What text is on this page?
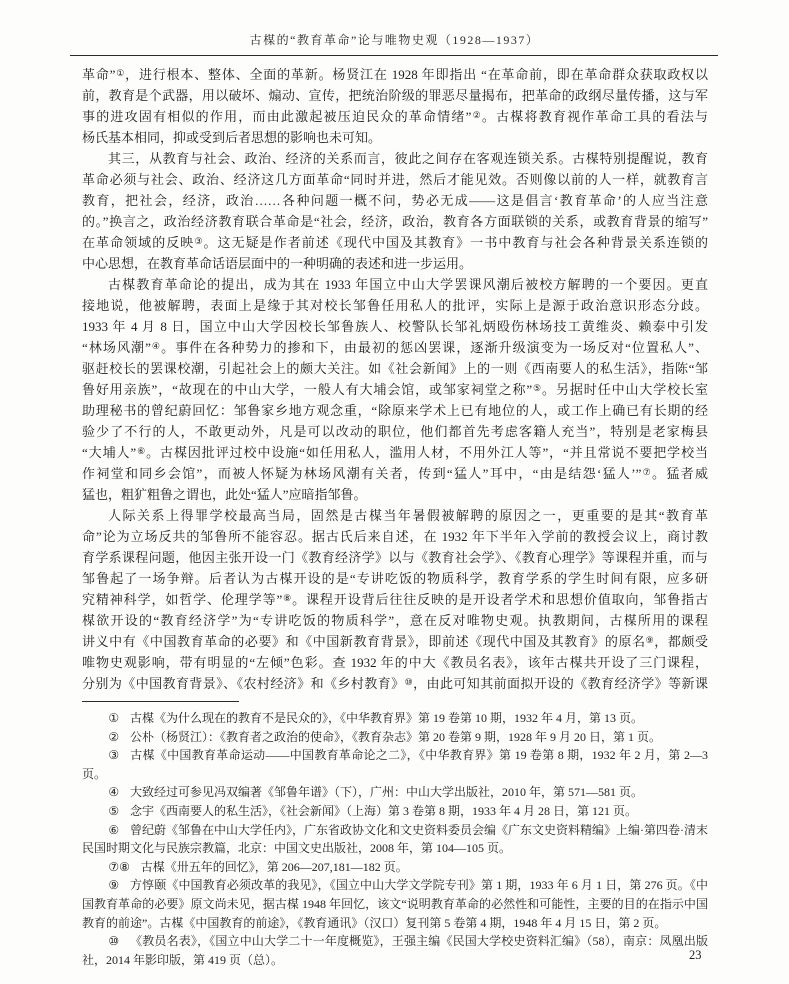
古楳的“教育革命”论与唯物史观（1928—1937）
革命”①，进行根本、整体、全面的革新。杨贤江在 1928 年即指出 “在革命前，即在革命群众获取政权以
前，教育是个武器，用以破坏、煽动、宣传，把统治阶级的罪恶尽量揭布，把革命的政纲尽量传播，这与军
事的进攻固有相似的作用，而由此激起被压迫民众的革命情绪”②。古楳将教育视作革命工具的看法与
杨氏基本相同，抑或受到后者思想的影响也未可知。
其三，从教育与社会、政治、经济的关系而言，彼此之间存在客观连锁关系。古楳特别提醒说，教育
革命必须与社会、政治、经济这几方面革命“同时并进，然后才能见效。否则像以前的人一样，就教育言
教育，把社会，经济，政治……各种问题一概不问，势必无成——这是倡言‘教育革命’的人应当注意
的。”换言之，政治经济教育联合革命是“社会，经济，政治，教育各方面联锁的关系，或教育背景的缩写”
在革命领域的反映③。这无疑是作者前述《现代中国及其教育》一书中教育与社会各种背景关系连锁的
中心思想，在教育革命话语层面中的一种明确的表述和进一步运用。
古楳教育革命论的提出，成为其在 1933 年国立中山大学罢课风潮后被校方解聘的一个要因。更直
接地说，他被解聘，表面上是缘于其对校长邹鲁任用私人的批评，实际上是源于政治意识形态分歧。
1933 年 4 月 8 日，国立中山大学因校长邹鲁族人、校警队长邹礼炳殴伤林场技工黄维炎、赖泰中引发
“林场风潮”④。事件在各种势力的掺和下，由最初的惩凶罢课，逐渐升级演变为一场反对“位置私人”、
驱赶校长的罢课校潮，引起社会上的颇大关注。如《社会新闻》上的一则《西南要人的私生活》，指陈“邹
鲁好用亲族”，“故现在的中山大学，一般人有大埔会馆，或邹家祠堂之称”⑤。另据时任中山大学校长室
助理秘书的曾纪蔚回忆：邹鲁家乡地方观念重，“除原来学术上已有地位的人，或工作上确已有长期的经
验少了不行的人，不敢更动外，凡是可以改动的职位，他们都首先考虑客籍人充当”，特别是老家梅县
“大埔人”⑥。古楳因批评过校中设施“如任用私人，滥用人材，不用外江人等”，“并且常说不要把学校当
作祠堂和同乡会馆”，而被人怀疑为林场风潮有关者，传到“猛人”耳中，“由是结怨‘猛人’”⑦。猛者威
猛也，粗犷粗鲁之谓也，此处“猛人”应暗指邹鲁。
人际关系上得罪学校最高当局，固然是古楳当年暑假被解聘的原因之一，更重要的是其“教育革
命”论为立场反共的邹鲁所不能容忍。据古氏后来自述，在 1932 年下半年入学前的教授会议上，商讨教
育学系课程问题，他因主张开设一门《教育经济学》以与《教育社会学》、《教育心理学》等课程并重，而与
邹鲁起了一场争辩。后者认为古楳开设的是“专讲吃饭的物质科学，教育学系的学生时间有限，应多研
究精神科学，如哲学、伦理学等”⑧。课程开设背后往往反映的是开设者学术和思想价值取向，邹鲁指古
楳欲开设的“教育经济学”为“专讲吃饭的物质科学”，意在反对唯物史观。执教期间，古楳所用的课程
讲义中有《中国教育革命的必要》和《中国新教育背景》，即前述《现代中国及其教育》的原名⑨，都颇受
唯物史观影响，带有明显的“左倾”色彩。查 1932 年的中大《教员名表》，该年古楳共开设了三门课程，
分别为《中国教育背景》、《农村经济》和《乡村教育》⑩，由此可知其前面拟开设的《教育经济学》等新课

① 古楳《为什么现在的教育不是民众的》，《中华教育界》第 19 卷第 10 期，1932 年 4 月，第 13 页。

② 公朴（杨贤江）：《教育者之政治的使命》，《教育杂志》第 20 卷第 9 期，1928 年 9 月 20 日，第 1 页。

③ 古楳《中国教育革命运动——中国教育革命论之二》，《中华教育界》第 19 卷第 8 期，1932 年 2 月，第 2—3 页。

④ 大致经过可参见冯双编著《邹鲁年谱》（下），广州：中山大学出版社，2010 年，第 571—581 页。

⑤ 念宇《西南要人的私生活》，《社会新闻》（上海）第 3 卷第 8 期，1933 年 4 月 28 日，第 121 页。

⑥ 曾纪蔚《邹鲁在中山大学任内》，广东省政协文化和文史资料委员会编《广东文史资料精编》上编·第四卷·清末民国时期文化与民族宗教篇，北京：中国文史出版社，2008 年，第 104—105 页。

⑦⑧ 古楳《卅五年的回忆》，第 206—207,181—182 页。

⑨ 方惇颐《中国教育必须改革的我见》，《国立中山大学文学院专刊》第 1 期，1933 年 6 月 1 日，第 276 页。《中国教育革命的必要》原文尚未见，据古楳 1948 年回忆，该文“说明教育革命的必然性和可能性，主要的目的在指示中国教育的前途”。古楳《中国教育的前途》，《教育通讯》（汉口）复刊第 5 卷第 4 期，1948 年 4 月 15 日，第 2 页。

⑩ 《教员名表》，《国立中山大学二十一年度概览》，王强主编《民国大学校史资料汇编》（58），南京：凤凰出版社，2014 年影印版，第 419 页（总）。	23
